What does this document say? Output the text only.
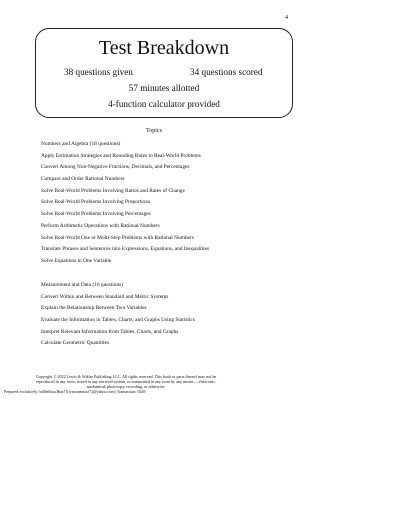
4
Test Breakdown
38 questions given	34 questions scored
57 minutes allotted
4-function calculator provided
Topics
Numbers and Algebra (18 questions)
Apply Estimation Strategies and Rounding Rules to Real-World Problems
Convert Among Non-Negative Fractions, Decimals, and Percentages
Compare and Order Rational Numbers
Solve Real-World Problems Involving Ratios and Rates of Change
Solve Real-World Problems Involving Proportions
Solve Real-World Problems Involving Percentages
Perform Arithmetic Operations with Rational Numbers
Solve Real-World One or Multi-Step Problems with Rational Numbers
Translate Phrases and Sentences into Expressions, Equations, and Inequalities
Solve Equations in One Variable
Measurement and Data (16 questions)
Convert Within and Between Standard and Metric Systems
Explain the Relationship Between Two Variables
Evaluate the Information in Tables, Charts, and Graphs Using Statistics
Interpret Relevant Information from Tables, Charts, and Graphs
Calculate Geometric Quantities
Copyright © 2022 Lewis & Wikler Publishing LLC. All rights reserved. This book or parts thereof may not be
reproduced in any form, stored in any retrieval system, or transmitted in any form by any means —electronic,
mechanical, photocopy, recording, or otherwise.
Prepared exclusively forMelissa.Hun71(n/mr.nmnraz72@yahoo.com) Transaction: 9249
